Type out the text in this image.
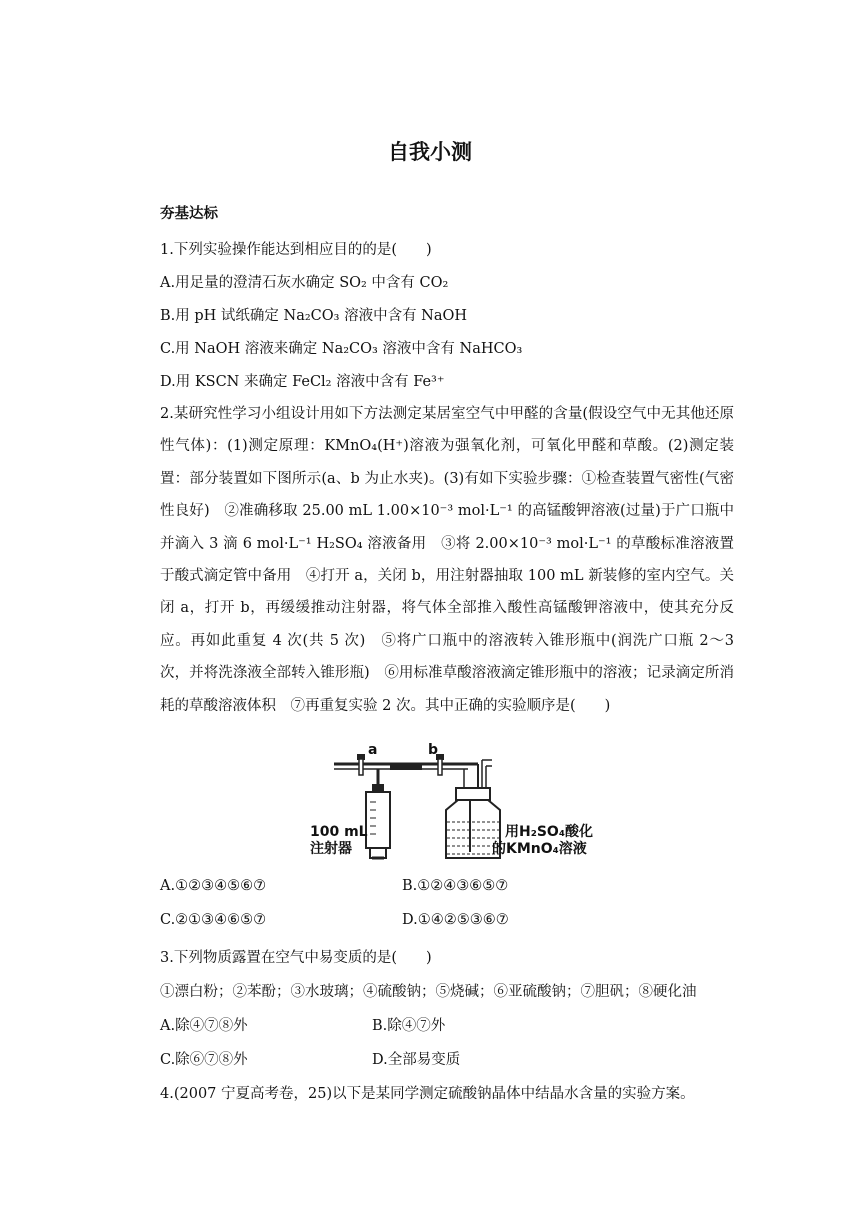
自我小测
夯基达标
1.下列实验操作能达到相应目的的是(　　)
A.用足量的澄清石灰水确定 SO₂ 中含有 CO₂
B.用 pH 试纸确定 Na₂CO₃ 溶液中含有 NaOH
C.用 NaOH 溶液来确定 Na₂CO₃ 溶液中含有 NaHCO₃
D.用 KSCN 来确定 FeCl₂ 溶液中含有 Fe³⁺
2.某研究性学习小组设计用如下方法测定某居室空气中甲醛的含量(假设空气中无其他还原性气体)：(1)测定原理：KMnO₄(H⁺)溶液为强氧化剂，可氧化甲醛和草酸。(2)测定装置：部分装置如下图所示(a、b 为止水夹)。(3)有如下实验步骤：①检查装置气密性(气密性良好)　②准确移取 25.00 mL 1.00×10⁻³ mol·L⁻¹ 的高锰酸钾溶液(过量)于广口瓶中并滴入 3 滴 6 mol·L⁻¹ H₂SO₄ 溶液备用　③将 2.00×10⁻³ mol·L⁻¹ 的草酸标准溶液置于酸式滴定管中备用　④打开 a，关闭 b，用注射器抽取 100 mL 新装修的室内空气。关闭 a，打开 b，再缓缓推动注射器，将气体全部推入酸性高锰酸钾溶液中，使其充分反应。再如此重复 4 次(共 5 次)　⑤将广口瓶中的溶液转入锥形瓶中(润洗广口瓶 2～3 次，并将洗涤液全部转入锥形瓶)　⑥用标准草酸溶液滴定锥形瓶中的溶液；记录滴定所消耗的草酸溶液体积　⑦再重复实验 2 次。其中正确的实验顺序是(　　)
a	b
100 mL
注射器
用H₂SO₄酸化
的KMnO₄溶液
A.①②③④⑤⑥⑦	B.①②④③⑥⑤⑦
C.②①③④⑥⑤⑦	D.①④②⑤③⑥⑦
3.下列物质露置在空气中易变质的是(　　)
①漂白粉；②苯酚；③水玻璃；④硫酸钠；⑤烧碱；⑥亚硫酸钠；⑦胆矾；⑧硬化油
A.除④⑦⑧外	B.除④⑦外
C.除⑥⑦⑧外	D.全部易变质
4.(2007 宁夏高考卷，25)以下是某同学测定硫酸钠晶体中结晶水含量的实验方案。
